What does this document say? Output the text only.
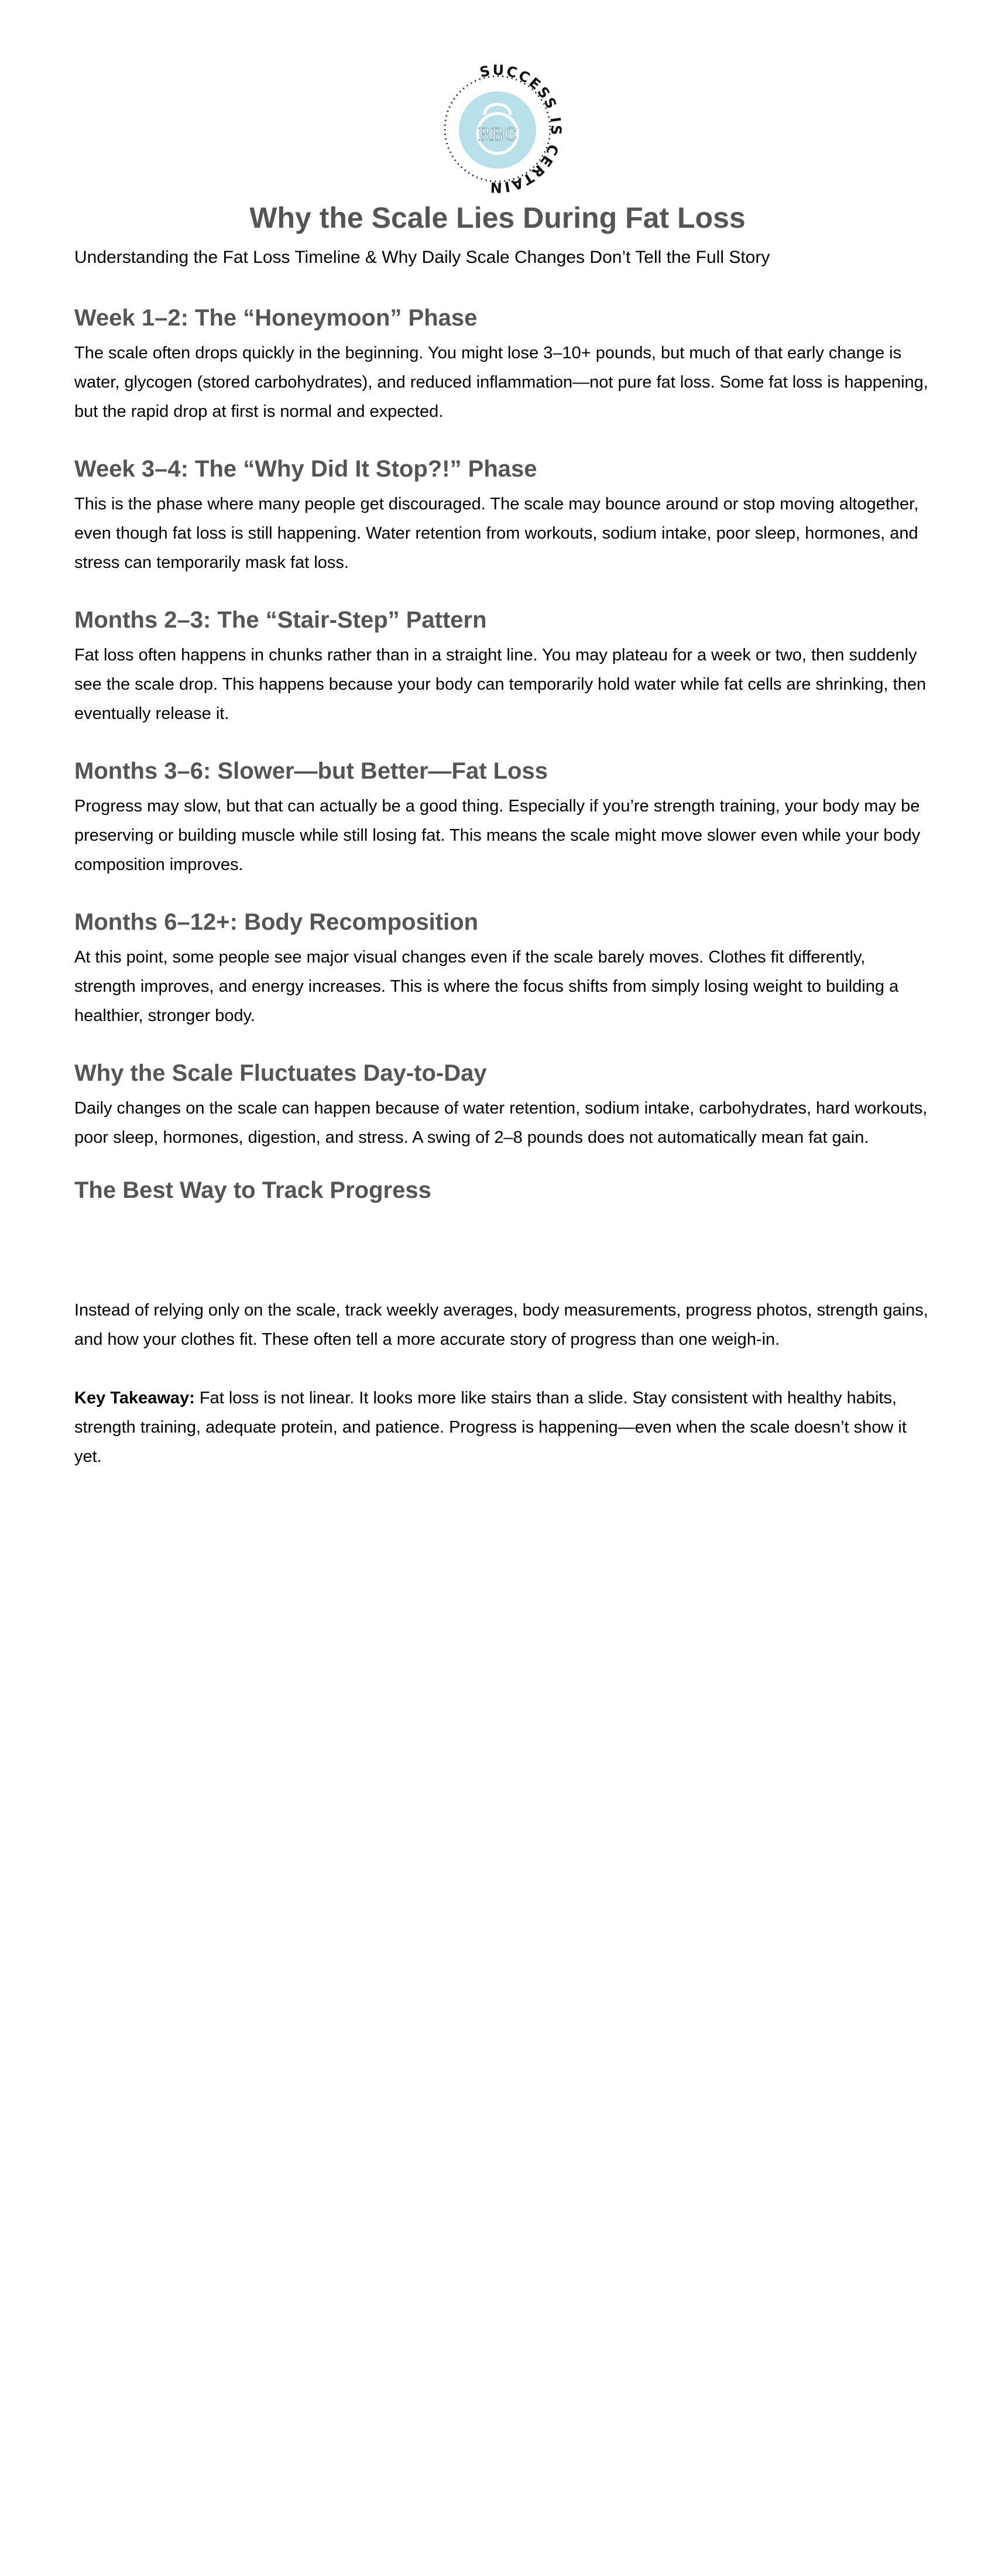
SUCCESS IS CERTAIN
RBC
Why the Scale Lies During Fat Loss

Understanding the Fat Loss Timeline & Why Daily Scale Changes Don’t Tell the Full Story

Week 1–2: The “Honeymoon” Phase

The scale often drops quickly in the beginning. You might lose 3–10+ pounds, but much of that early change is water, glycogen (stored carbohydrates), and reduced inflammation—not pure fat loss. Some fat loss is happening, but the rapid drop at first is normal and expected.

Week 3–4: The “Why Did It Stop?!” Phase

This is the phase where many people get discouraged. The scale may bounce around or stop moving altogether, even though fat loss is still happening. Water retention from workouts, sodium intake, poor sleep, hormones, and stress can temporarily mask fat loss.

Months 2–3: The “Stair-Step” Pattern

Fat loss often happens in chunks rather than in a straight line. You may plateau for a week or two, then suddenly see the scale drop. This happens because your body can temporarily hold water while fat cells are shrinking, then eventually release it.

Months 3–6: Slower—but Better—Fat Loss

Progress may slow, but that can actually be a good thing. Especially if you’re strength training, your body may be preserving or building muscle while still losing fat. This means the scale might move slower even while your body composition improves.

Months 6–12+: Body Recomposition

At this point, some people see major visual changes even if the scale barely moves. Clothes fit differently, strength improves, and energy increases. This is where the focus shifts from simply losing weight to building a healthier, stronger body.

Why the Scale Fluctuates Day-to-Day

Daily changes on the scale can happen because of water retention, sodium intake, carbohydrates, hard workouts, poor sleep, hormones, digestion, and stress. A swing of 2–8 pounds does not automatically mean fat gain.

The Best Way to Track Progress

Instead of relying only on the scale, track weekly averages, body measurements, progress photos, strength gains, and how your clothes fit. These often tell a more accurate story of progress than one weigh-in.

Key Takeaway: Fat loss is not linear. It looks more like stairs than a slide. Stay consistent with healthy habits, strength training, adequate protein, and patience. Progress is happening—even when the scale doesn’t show it yet.
